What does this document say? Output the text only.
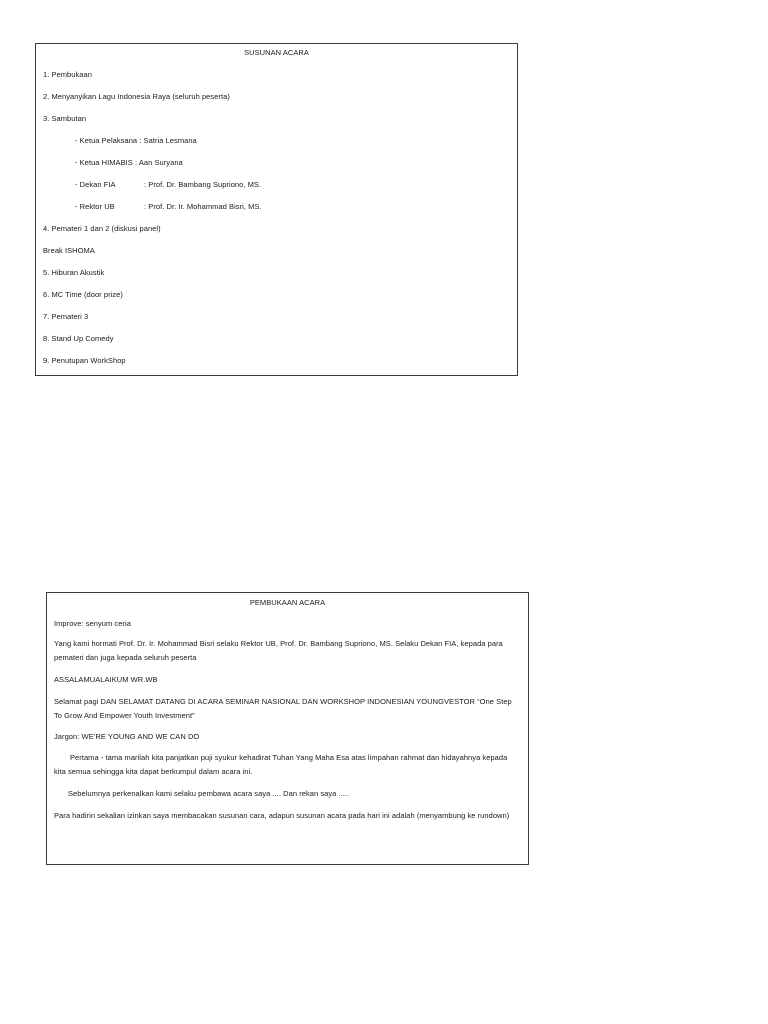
SUSUNAN ACARA
1. Pembukaan
2. Menyanyikan Lagu Indonesia Raya (seluruh peserta)
3. Sambutan
- Ketua Pelaksana : Satria Lesmana
- Ketua HIMABIS : Aan Suryana
- Dekan FIA	: Prof. Dr. Bambang Supriono, MS.
- Rektor UB	: Prof. Dr. Ir. Mohammad Bisri, MS.
4. Pemateri 1 dan 2 (diskusi panel)
Break ISHOMA
5. Hiburan Akustik
6. MC Time (door prize)
7. Pemateri 3
8. Stand Up Comedy
9. Penutupan WorkShop
PEMBUKAAN ACARA
Improve: senyum ceria
Yang kami hormati Prof. Dr. Ir. Mohammad Bisri selaku Rektor UB, Prof. Dr. Bambang Supriono, MS. Selaku Dekan FIA, kepada para pemateri dan juga kepada seluruh peserta
ASSALAMUALAIKUM WR.WB
Selamat pagi DAN SELAMAT DATANG DI ACARA SEMINAR NASIONAL DAN WORKSHOP INDONESIAN YOUNGVESTOR “One Step To Grow And Empower Youth Investment”
Jargon: WE’RE YOUNG AND WE CAN DO
Pertama - tama marilah kita panjatkan puji syukur kehadirat Tuhan Yang Maha Esa atas limpahan rahmat dan hidayahnya kepada kita semua sehingga kita dapat berkumpul dalam acara ini.
Sebelumnya perkenalkan kami selaku pembawa acara saya .... Dan rekan saya .....
Para hadirin sekalian izinkan saya membacakan susunan cara, adapun susunan acara pada hari ini adalah (menyambung ke rundown)
